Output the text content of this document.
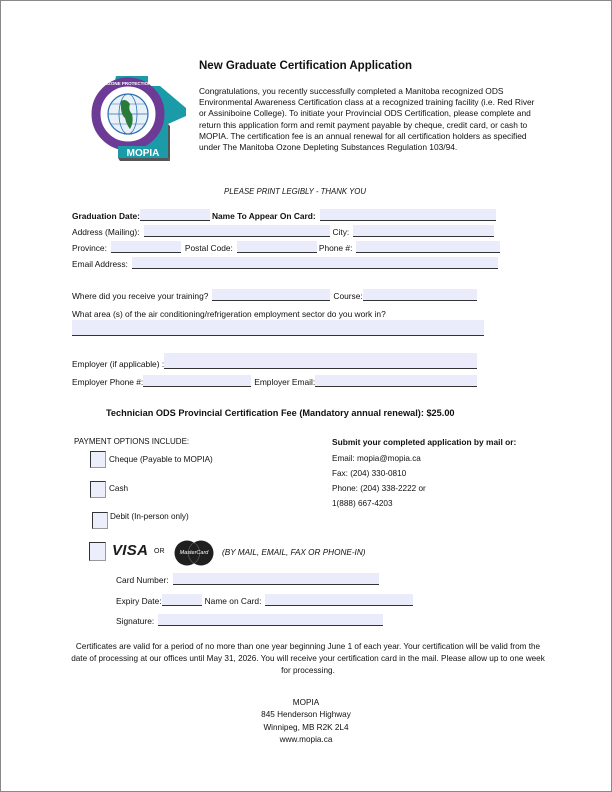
MOPIA
OZONE PROTECTION
New Graduate Certification Application
Congratulations, you recently successfully completed a Manitoba recognized ODS Environmental Awareness Certification class at a recognized training facility (i.e. Red River or Assiniboine College). To initiate your Provincial ODS Certification, please complete and return this application form and remit payment payable by cheque, credit card, or cash to MOPIA. The certification fee is an annual renewal for all certification holders as specified under The Manitoba Ozone Depleting Substances Regulation 103/94.
PLEASE PRINT LEGIBLY - THANK YOU
Graduation Date:	Name To Appear On Card:
Address (Mailing):	City:
Province:	Postal Code:	Phone #:
Email Address:
Where did you receive your training?	Course:
What area (s) of the air conditioning/refrigeration employment sector do you work in?
Employer (if applicable) :
Employer Phone #:	Employer Email:
Technician ODS Provincial Certification Fee (Mandatory annual renewal): $25.00
PAYMENT OPTIONS INCLUDE:
Cheque (Payable to MOPIA)
Cash
Debit (In-person only)
Submit your completed application by mail or:
Email: mopia@mopia.ca
Fax: (204) 330-0810
Phone: (204) 338-2222 or
1(888) 667-4203
VISA OR	MasterCard	(BY MAIL, EMAIL, FAX OR PHONE-IN)
Card Number:
Expiry Date:	Name on Card:
Signature:
Certificates are valid for a period of no more than one year beginning June 1 of each year. Your certification will be valid from the date of processing at our offices until May 31, 2026. You will receive your certification card in the mail. Please allow up to one week for processing.
MOPIA
845 Henderson Highway
Winnipeg, MB R2K 2L4
www.mopia.ca
